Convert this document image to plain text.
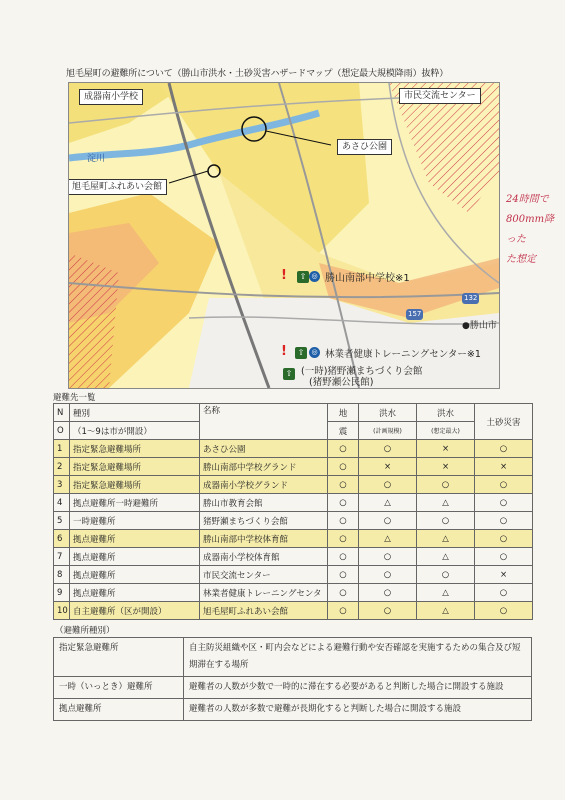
旭毛屋町の避難所について（勝山市洪水・土砂災害ハザードマップ（想定最大規模降雨）抜粋）
成器南小学校	市民交流センター
あさひ公園
淀川
旭毛屋町ふれあい会館
!	◎
⇧ 勝山南部中学校※1
!	⇧	◎ 林業者健康トレーニングセンター※1
⇧ (一時)猪野瀬まちづくり会館
(猪野瀬公民館)
157
132
●勝山市
24時間で
800mm降った
た想定
避難先一覧
N	種別	名称	地	洪水	洪水	土砂災害
O	（1～9は市が開設）		震	(計画規模)	(想定最大)	
1	指定緊急避難場所	あさひ公園	○	○	×	○
2	指定緊急避難場所	勝山南部中学校グランド	○	×	×	×
3	指定緊急避難場所	成器南小学校グランド	○	○	○	○
4	拠点避難所一時避難所	勝山市教育会館	○	△	△	○
5	一時避難所	猪野瀬まちづくり会館	○	○	○	○
6	拠点避難所	勝山南部中学校体育館	○	△	△	○
7	拠点避難所	成器南小学校体育館	○	○	△	○
8	拠点避難所	市民交流センター	○	○	○	×
9	拠点避難所	林業者健康トレーニングセンタ	○	○	△	○
10	自主避難所（区が開設）	旭毛屋町ふれあい会館	○	○	△	○
（避難所種別）
指定緊急避難所	自主防災組織や区・町内会などによる避難行動や安否確認を実施するための集合及び短期滞在する場所
一時（いっとき）避難所	避難者の人数が少数で一時的に滞在する必要があると判断した場合に開設する施設
拠点避難所	避難者の人数が多数で避難が長期化すると判断した場合に開設する施設
